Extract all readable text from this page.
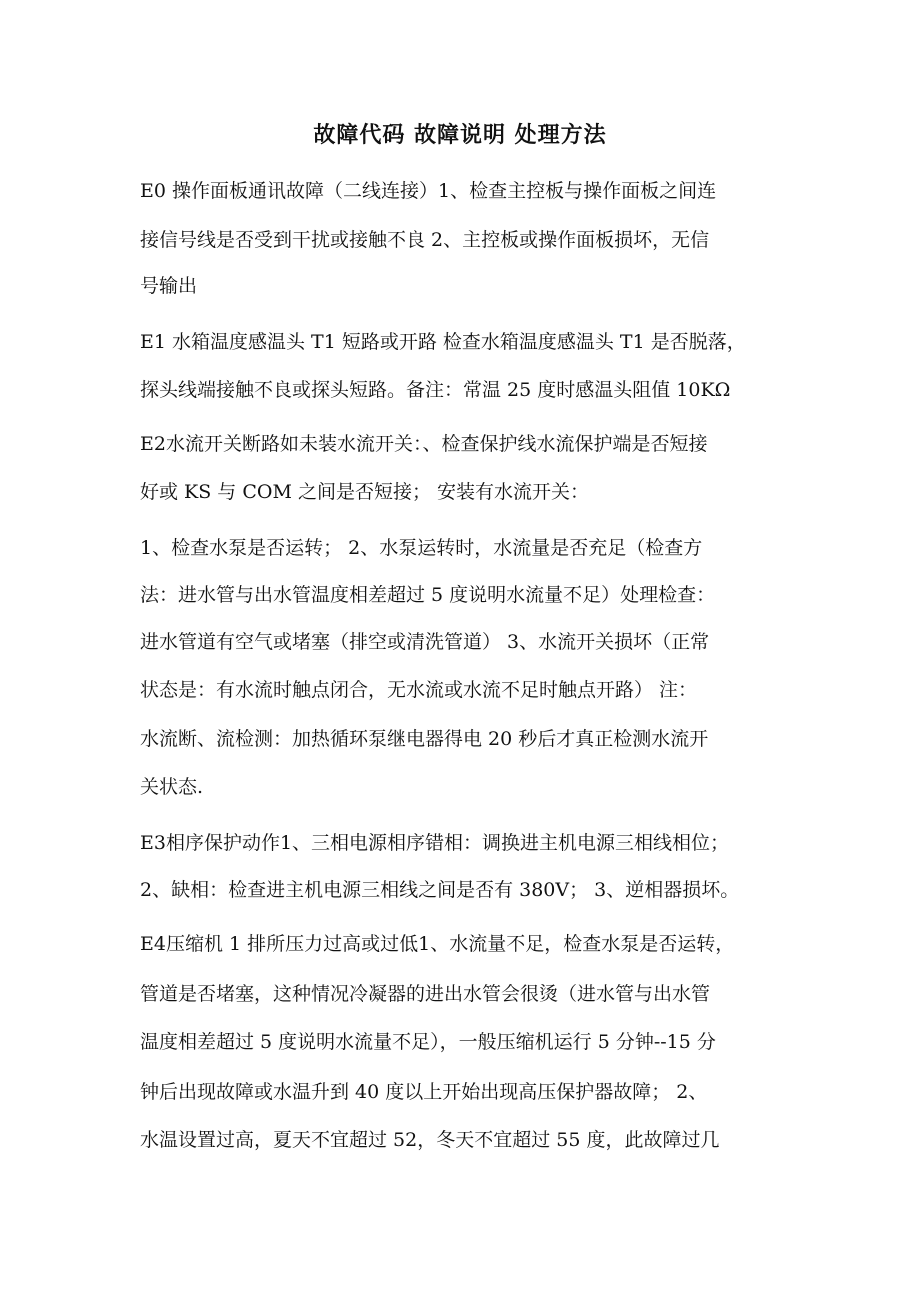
故障代码 故障说明 处理方法

E0 操作面板通讯故障（二线连接）1、检查主控板与操作面板之间连

接信号线是否受到干扰或接触不良 2、主控板或操作面板损坏，无信

号输出

E1 水箱温度感温头 T1 短路或开路 检查水箱温度感温头 T1 是否脱落，

探头线端接触不良或探头短路。备注：常温 25 度时感温头阻值 10KΩ

E2水流开关断路如未装水流开关：、检查保护线水流保护端是否短接

好或 KS 与 COM 之间是否短接； 安装有水流开关：

1、检查水泵是否运转； 2、水泵运转时，水流量是否充足（检查方

法：进水管与出水管温度相差超过 5 度说明水流量不足）处理检查：

进水管道有空气或堵塞（排空或清洗管道） 3、水流开关损坏（正常

状态是：有水流时触点闭合，无水流或水流不足时触点开路） 注：

水流断、流检测：加热循环泵继电器得电 20 秒后才真正检测水流开

关状态.

E3相序保护动作1、三相电源相序错相：调换进主机电源三相线相位；

2、缺相：检查进主机电源三相线之间是否有 380V； 3、逆相器损坏。

E4压缩机 1 排所压力过高或过低1、水流量不足，检查水泵是否运转，

管道是否堵塞，这种情况冷凝器的进出水管会很烫（进水管与出水管

温度相差超过 5 度说明水流量不足），一般压缩机运行 5 分钟--15 分

钟后出现故障或水温升到 40 度以上开始出现高压保护器故障； 2、

水温设置过高，夏天不宜超过 52，冬天不宜超过 55 度，此故障过几
